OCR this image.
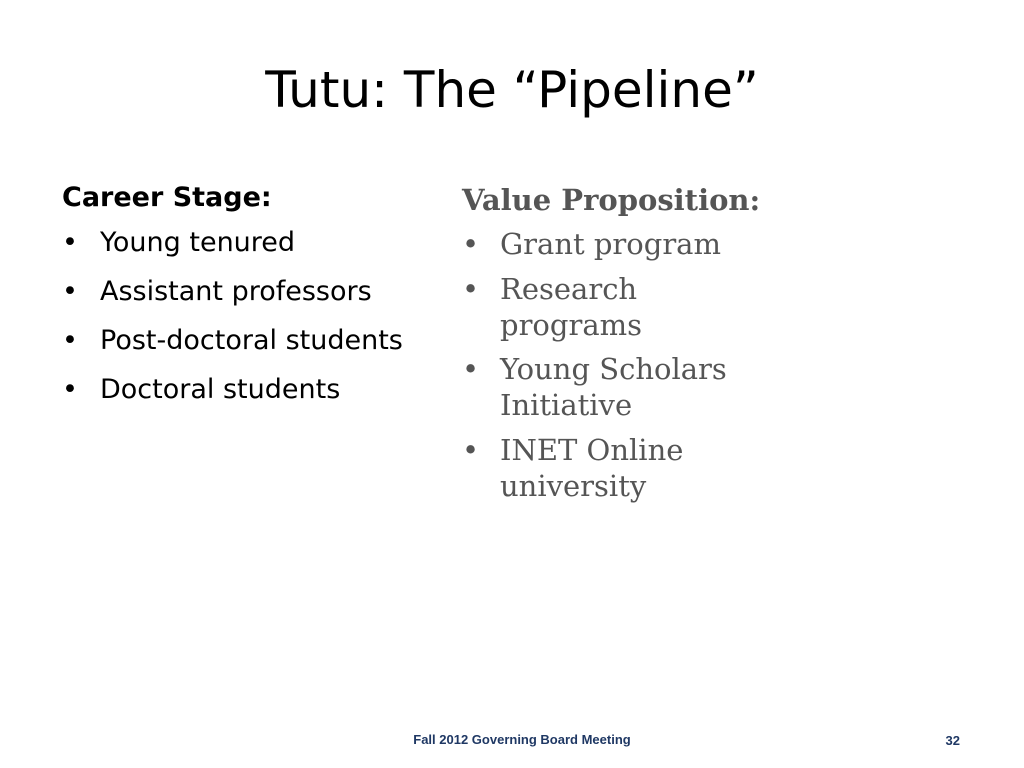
Tutu: The “Pipeline”
Career Stage:
• Young tenured
• Assistant professors
• Post-doctoral students
• Doctoral students
Value Proposition:
• Grant program
• Research programs
• Young Scholars Initiative
• INET Online university
Fall 2012 Governing Board Meeting	32
